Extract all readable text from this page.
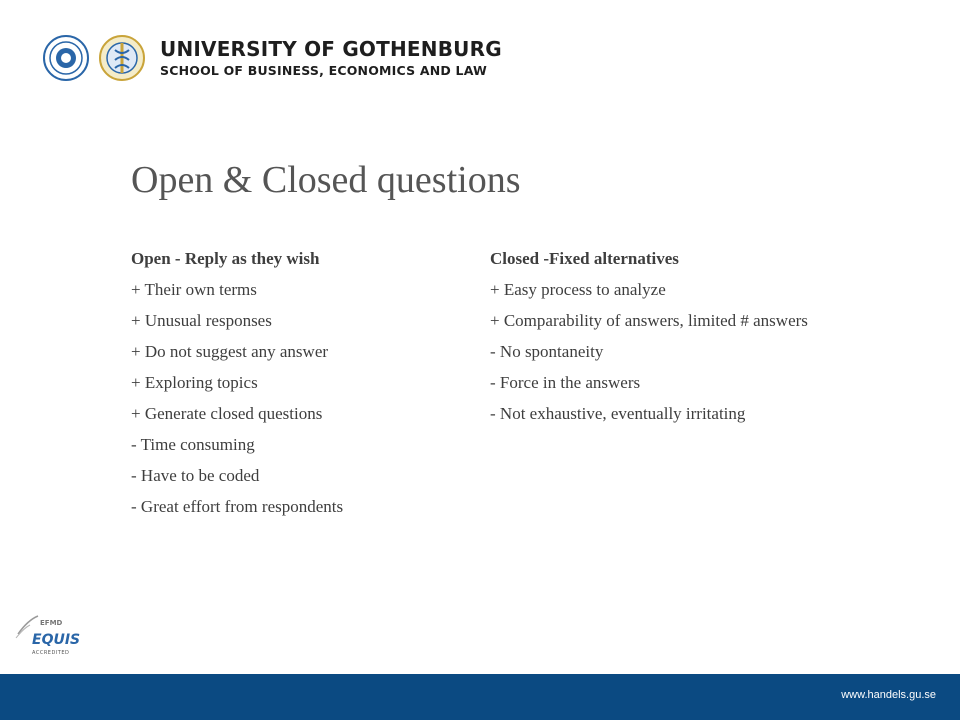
UNIVERSITY OF GOTHENBURG
SCHOOL OF BUSINESS, ECONOMICS AND LAW
Open & Closed questions
Open - Reply as they wish
+ Their own terms
+ Unusual responses
+ Do not suggest any answer
+ Exploring topics
+ Generate closed questions
- Time consuming
- Have to be coded
- Great effort from respondents
Closed -Fixed alternatives
+ Easy process to analyze
+ Comparability of answers, limited # answers
- No spontaneity
- Force in the answers
- Not exhaustive, eventually irritating
EFMD
EQUIS
ACCREDITED
www.handels.gu.se
